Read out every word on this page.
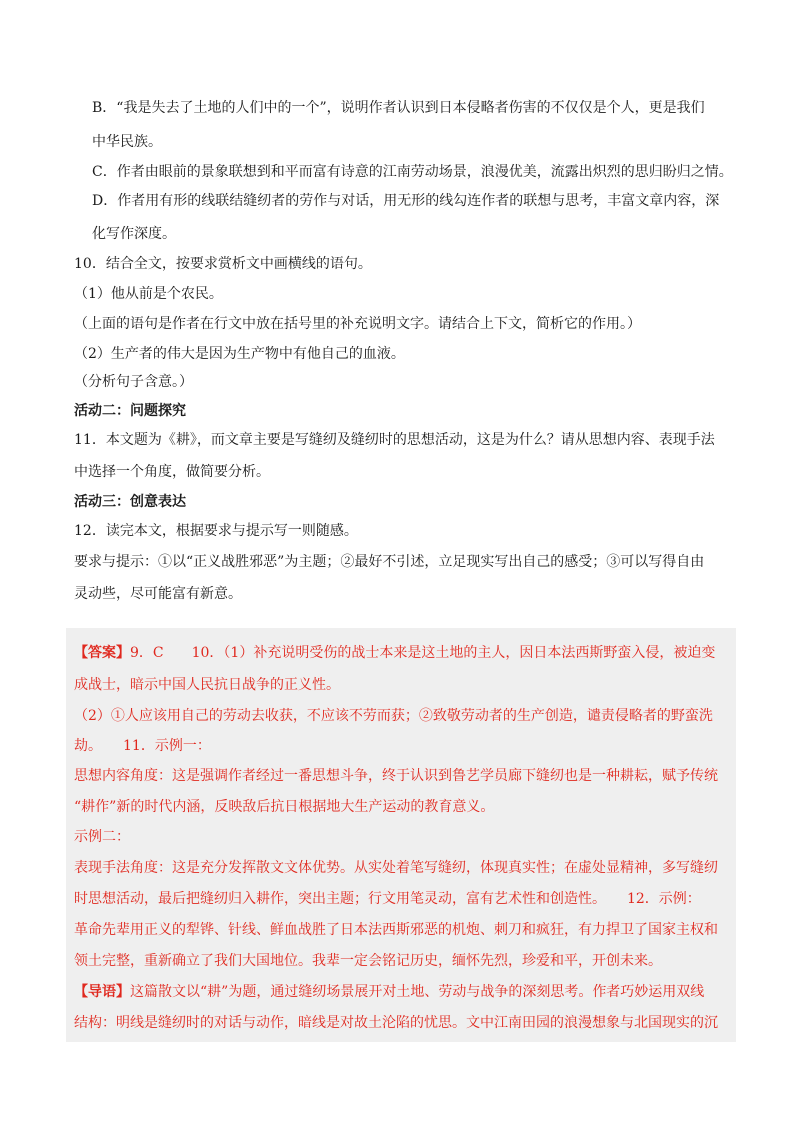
B．“我是失去了土地的人们中的一个”，说明作者认识到日本侵略者伤害的不仅仅是个人，更是我们
中华民族。
C．作者由眼前的景象联想到和平而富有诗意的江南劳动场景，浪漫优美，流露出炽烈的思归盼归之情。
D．作者用有形的线联结缝纫者的劳作与对话，用无形的线勾连作者的联想与思考，丰富文章内容，深
化写作深度。
10．结合全文，按要求赏析文中画横线的语句。
（1）他从前是个农民。
（上面的语句是作者在行文中放在括号里的补充说明文字。请结合上下文，简析它的作用。）
（2）生产者的伟大是因为生产物中有他自己的血液。
（分析句子含意。）
活动二：问题探究
11．本文题为《耕》，而文章主要是写缝纫及缝纫时的思想活动，这是为什么？请从思想内容、表现手法
中选择一个角度，做简要分析。
活动三：创意表达
12．读完本文，根据要求与提示写一则随感。
要求与提示：①以“正义战胜邪恶”为主题；②最好不引述，立足现实写出自己的感受；③可以写得自由
灵动些，尽可能富有新意。
【答案】9．C　　10．（1）补充说明受伤的战士本来是这土地的主人，因日本法西斯野蛮入侵，被迫变
成战士，暗示中国人民抗日战争的正义性。
（2）①人应该用自己的劳动去收获，不应该不劳而获；②致敬劳动者的生产创造，谴责侵略者的野蛮洗
劫。　　11．示例一：
思想内容角度：这是强调作者经过一番思想斗争，终于认识到鲁艺学员廊下缝纫也是一种耕耘，赋予传统
“耕作”新的时代内涵，反映敌后抗日根据地大生产运动的教育意义。
示例二：
表现手法角度：这是充分发挥散文文体优势。从实处着笔写缝纫，体现真实性；在虚处显精神，多写缝纫
时思想活动，最后把缝纫归入耕作，突出主题；行文用笔灵动，富有艺术性和创造性。　　12．示例：
革命先辈用正义的犁铧、针线、鲜血战胜了日本法西斯邪恶的机炮、刺刀和疯狂，有力捍卫了国家主权和
领土完整，重新确立了我们大国地位。我辈一定会铭记历史，缅怀先烈，珍爱和平，开创未来。
【导语】这篇散文以“耕”为题，通过缝纫场景展开对土地、劳动与战争的深刻思考。作者巧妙运用双线
结构：明线是缝纫时的对话与动作，暗线是对故土沦陷的忧思。文中江南田园的浪漫想象与北国现实的沉
